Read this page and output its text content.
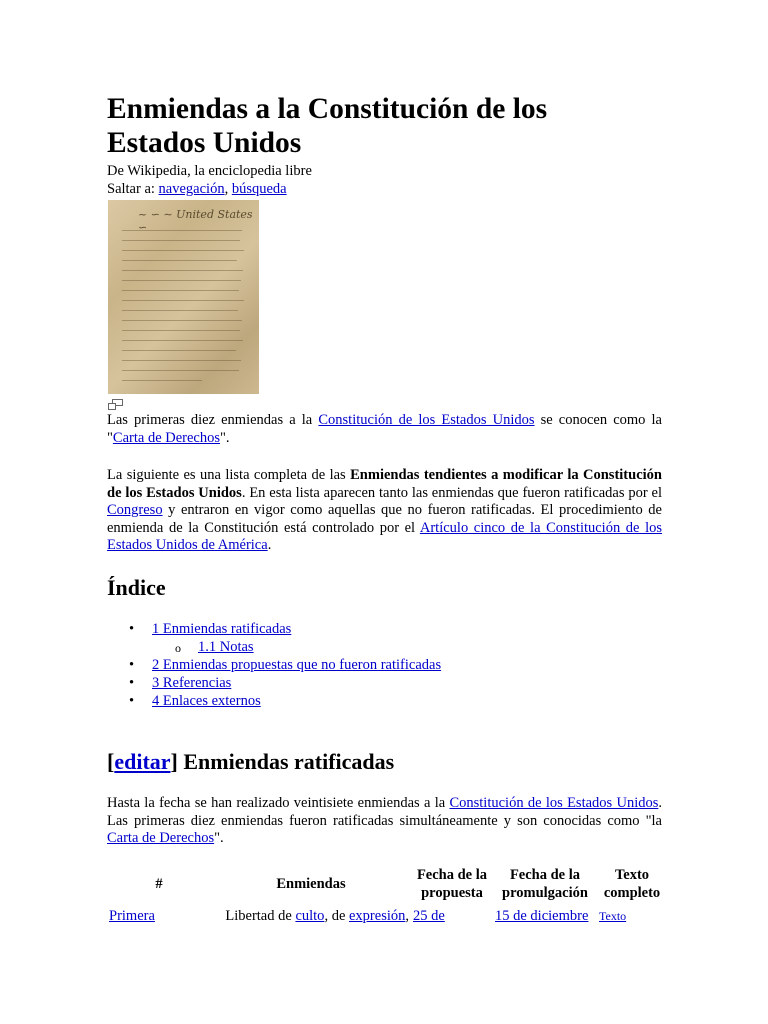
Enmiendas a la Constitución de los
Estados Unidos
De Wikipedia, la enciclopedia libre
Saltar a: navegación, búsqueda
~ ∽ ∼ United States ∽
Las primeras diez enmiendas a la Constitución de los Estados Unidos se conocen como la "Carta de Derechos".
La siguiente es una lista completa de las Enmiendas tendientes a modificar la Constitución de los Estados Unidos. En esta lista aparecen tanto las enmiendas que fueron ratificadas por el Congreso y entraron en vigor como aquellas que no fueron ratificadas. El procedimiento de enmienda de la Constitución está controlado por el Artículo cinco de la Constitución de los Estados Unidos de América.
Índice
• 1 Enmiendas ratificadas
o 1.1 Notas
• 2 Enmiendas propuestas que no fueron ratificadas
• 3 Referencias
• 4 Enlaces externos
[editar] Enmiendas ratificadas
Hasta la fecha se han realizado veintisiete enmiendas a la Constitución de los Estados Unidos. Las primeras diez enmiendas fueron ratificadas simultáneamente y son conocidas como "la Carta de Derechos".
#	Enmiendas	Fecha de la propuesta	Fecha de la promulgación	Texto completo
Primera	Libertad de culto, de expresión,	25 de	15 de diciembre	Texto
